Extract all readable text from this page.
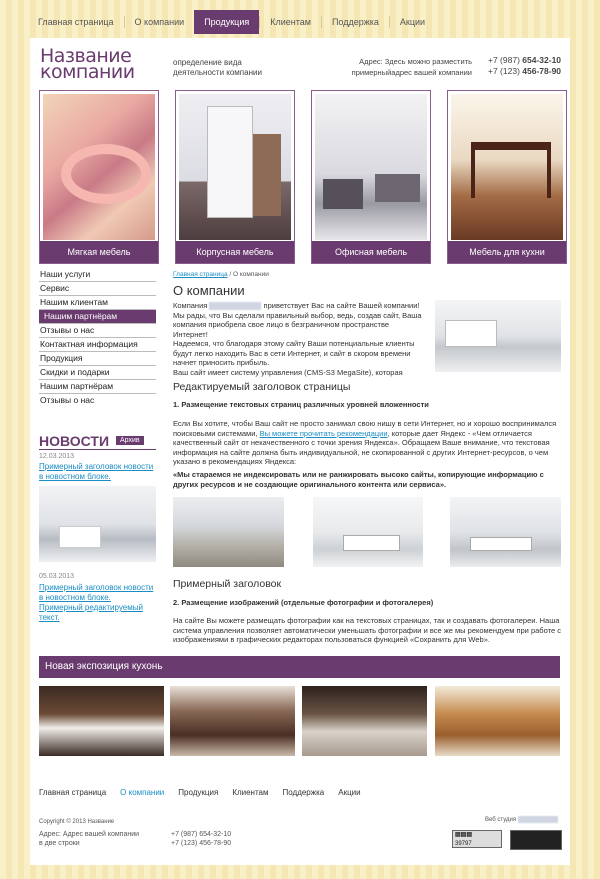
Главная страница	О компании	Продукция	Клиентам	Поддержка	Акции
Название
компании	определение вида
деятельности компании
Адрес: Здесь можно разместить
примерныйадрес вашей компании
+7 (987) 654-32-10
+7 (123) 456-78-90
Мягкая мебель	Корпусная мебель	Офисная мебель	Мебель для кухни
Наши услуги
Сервис
Нашим клиентам
Нашим партнёрам
Отзывы о нас
Контактная информация
Продукция
Скидки и подарки
Нашим партнёрам
Отзывы о нас
НОВОСТИ	Архив
12.03.2013
Примерный заголовок новости
в новостном блоке.
05.03.2013
Примерный заголовок новости
в новостном блоке.
Примерный редактируемый
текст.
Главная страница / О компании
О компании
Компания	приветствует Вас на сайте Вашей компании!
Мы рады, что Вы сделали правильный выбор, ведь, создав сайт, Ваша
компания приобрела свое лицо в безграничном пространстве Интернет!
Надеемся, что благодаря этому сайту Ваши потенциальные клиенты
будут легко находить Вас в сети Интернет, и сайт в скором времени
начнет приносить прибыль.
Ваш сайт имеет систему управления (CMS-S3 MegaSite), которая
Редактируемый заголовок страницы
1. Размещение текстовых страниц различных уровней вложенности
Если Вы хотите, чтобы Ваш сайт не просто занимал свою нишу в сети Интернет, но и хорошо воспринимался
поисковыми системами, Вы можете прочитать рекомендации, которые дает Яндекс - «Чем отличается
качественный сайт от некачественного с точки зрения Яндекса». Обращаем Ваше внимание, что текстовая
информация на сайте должна быть индивидуальной, не скопированной с других Интернет-ресурсов, о чем
указано в рекомендациях Яндекса:
«Мы стараемся не индексировать или не ранжировать высоко сайты, копирующие информацию с
других ресурсов и не создающие оригинального контента или сервиса».
Примерный заголовок
2. Размещение изображений (отдельные фотографии и фотогалерея)
На сайте Вы можете размещать фотографии как на текстовых страницах, так и создавать фотогалереи. Наша
система управления позволяет автоматически уменьшать фотографии и все же мы рекомендуем при работе с
изображениями в графических редакторах пользоваться функцией «Сохранить для Web».
Новая экспозиция кухонь
Главная страница О компании Продукция Клиентам Поддержка Акции
Copyright © 2013 Название
Адрес: Адрес вашей компании
в две строки
+7 (987) 654-32-10
+7 (123) 456-78-90
Веб студия
▤▤▤
39797
